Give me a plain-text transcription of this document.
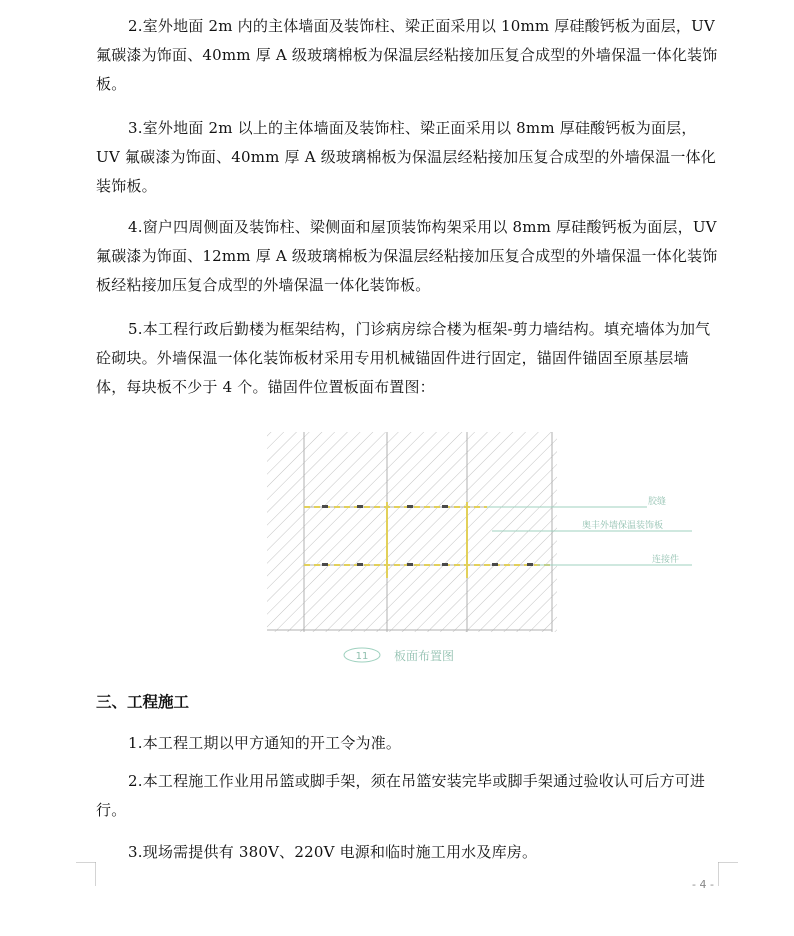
2.室外地面 2m 内的主体墙面及装饰柱、梁正面采用以 10mm 厚硅酸钙板为面层，UV 氟碳漆为饰面、40mm 厚 A 级玻璃棉板为保温层经粘接加压复合成型的外墙保温一体化装饰板。

3.室外地面 2m 以上的主体墙面及装饰柱、梁正面采用以 8mm 厚硅酸钙板为面层，UV 氟碳漆为饰面、40mm 厚 A 级玻璃棉板为保温层经粘接加压复合成型的外墙保温一体化装饰板。

4.窗户四周侧面及装饰柱、梁侧面和屋顶装饰构架采用以 8mm 厚硅酸钙板为面层，UV 氟碳漆为饰面、12mm 厚 A 级玻璃棉板为保温层经粘接加压复合成型的外墙保温一体化装饰板经粘接加压复合成型的外墙保温一体化装饰板。

5.本工程行政后勤楼为框架结构，门诊病房综合楼为框架-剪力墙结构。填充墙体为加气砼砌块。外墙保温一体化装饰板材采用专用机械锚固件进行固定，锚固件锚固至原基层墙体，每块板不少于 4 个。锚固件位置板面布置图：

胶缝
奥丰外墙保温装饰板
连接件
11 板面布置图
三、工程施工

1.本工程工期以甲方通知的开工令为准。

2.本工程施工作业用吊篮或脚手架，须在吊篮安装完毕或脚手架通过验收认可后方可进行。

3.现场需提供有 380V、220V 电源和临时施工用水及库房。

- 4 -
